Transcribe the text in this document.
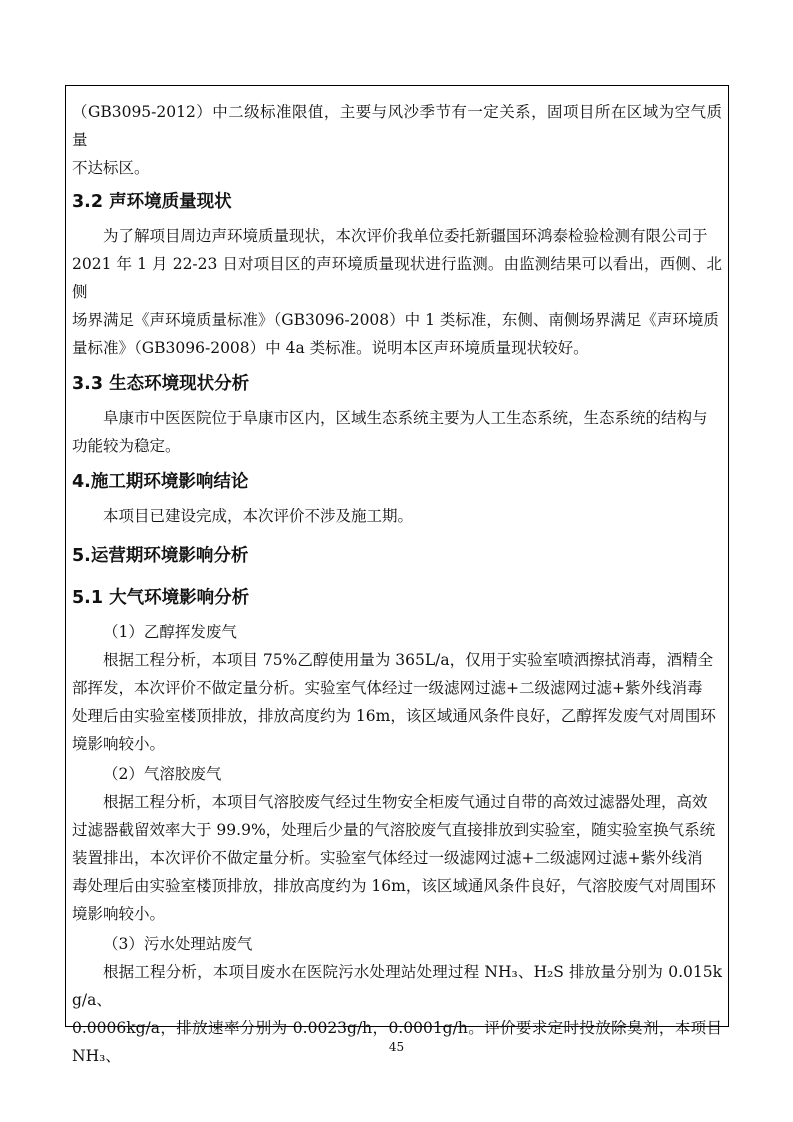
（GB3095-2012）中二级标准限值，主要与风沙季节有一定关系，固项目所在区域为空气质量

不达标区。

3.2 声环境质量现状

为了解项目周边声环境质量现状，本次评价我单位委托新疆国环鸿泰检验检测有限公司于

2021 年 1 月 22-23 日对项目区的声环境质量现状进行监测。由监测结果可以看出，西侧、北侧

场界满足《声环境质量标准》（GB3096-2008）中 1 类标准，东侧、南侧场界满足《声环境质

量标准》（GB3096-2008）中 4a 类标准。说明本区声环境质量现状较好。

3.3 生态环境现状分析

阜康市中医医院位于阜康市区内，区域生态系统主要为人工生态系统，生态系统的结构与

功能较为稳定。

4.施工期环境影响结论

本项目已建设完成，本次评价不涉及施工期。

5.运营期环境影响分析
5.1 大气环境影响分析

（1）乙醇挥发废气

根据工程分析，本项目 75%乙醇使用量为 365L/a，仅用于实验室喷洒擦拭消毒，酒精全

部挥发，本次评价不做定量分析。实验室气体经过一级滤网过滤+二级滤网过滤+紫外线消毒

处理后由实验室楼顶排放，排放高度约为 16m，该区域通风条件良好，乙醇挥发废气对周围环

境影响较小。

（2）气溶胶废气

根据工程分析，本项目气溶胶废气经过生物安全柜废气通过自带的高效过滤器处理，高效

过滤器截留效率大于 99.9%，处理后少量的气溶胶废气直接排放到实验室，随实验室换气系统

装置排出，本次评价不做定量分析。实验室气体经过一级滤网过滤+二级滤网过滤+紫外线消

毒处理后由实验室楼顶排放，排放高度约为 16m，该区域通风条件良好，气溶胶废气对周围环

境影响较小。

（3）污水处理站废气

根据工程分析，本项目废水在医院污水处理站处理过程 NH₃、H₂S 排放量分别为 0.015kg/a、

0.0006kg/a，排放速率分别为 0.0023g/h，0.0001g/h。评价要求定时投放除臭剂，本项目 NH₃、	45
